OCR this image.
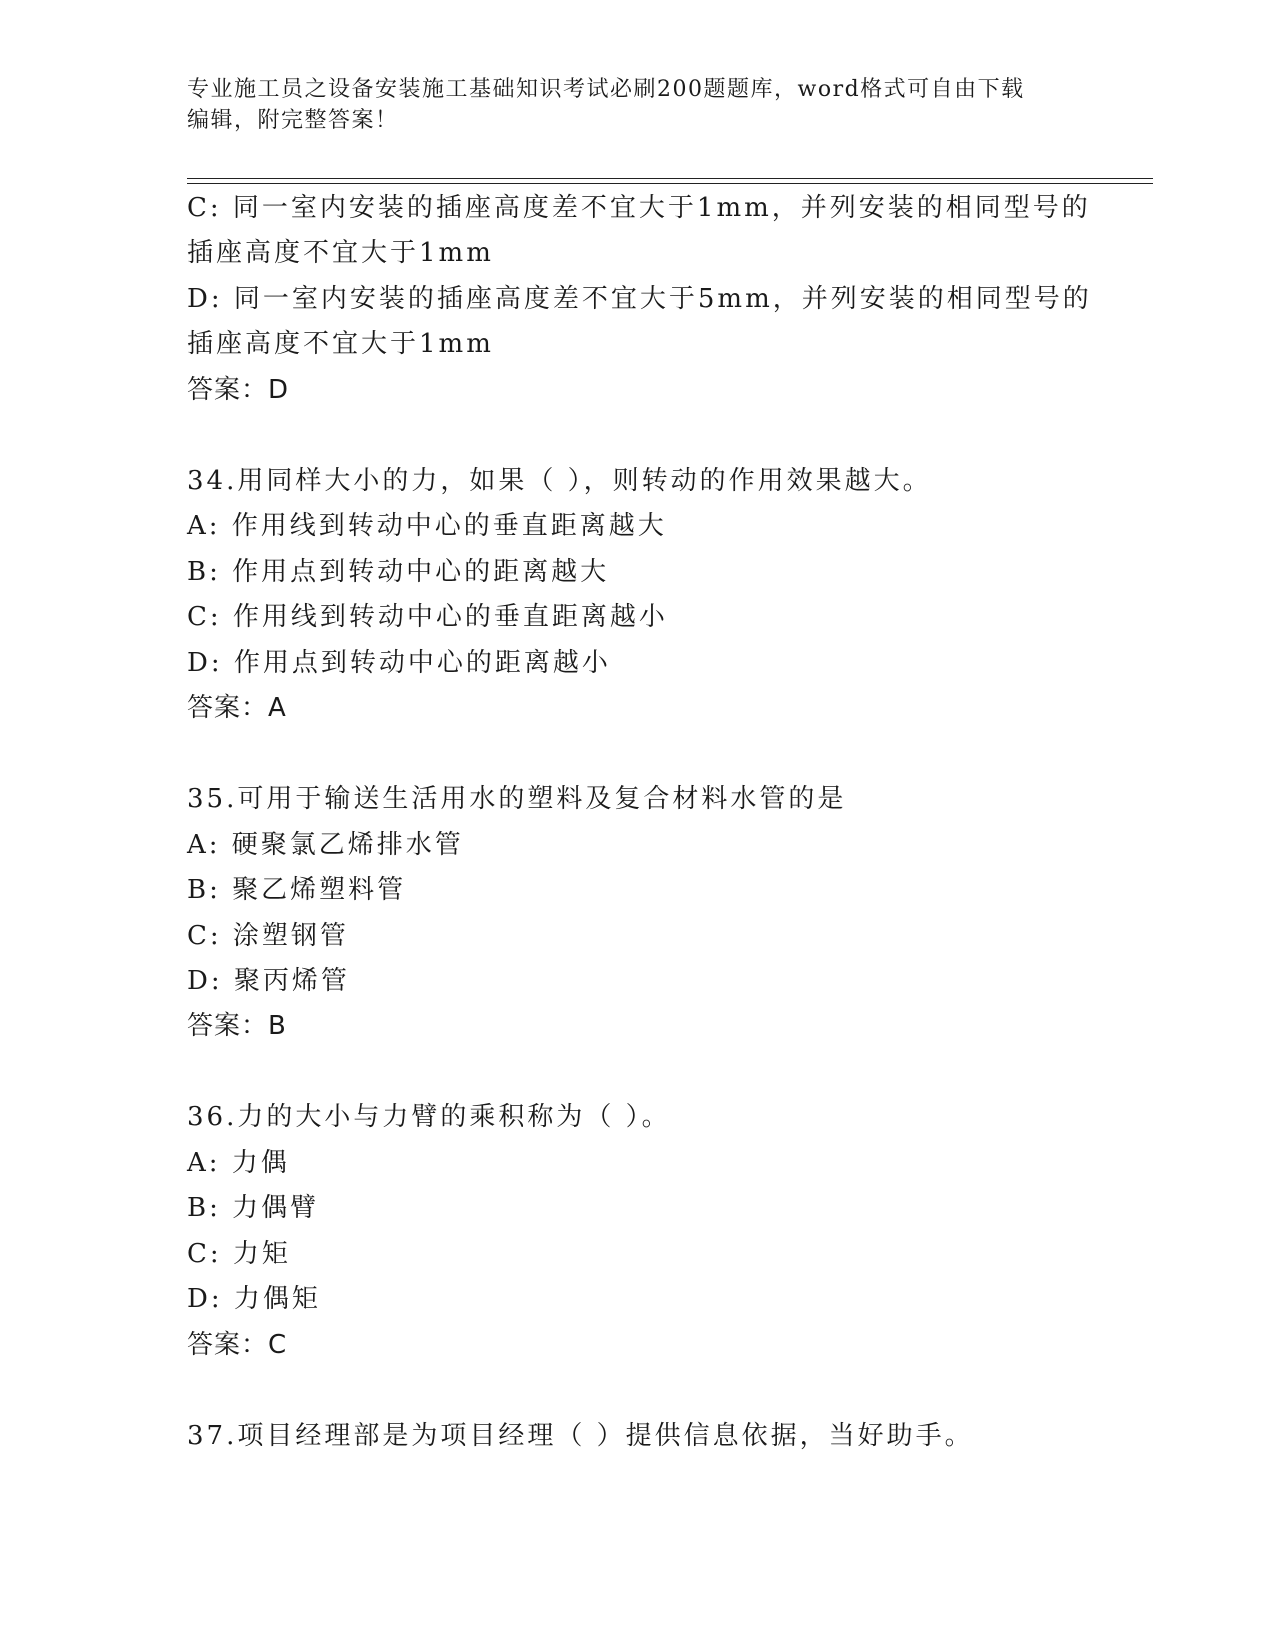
专业施工员之设备安装施工基础知识考试必刷200题题库，word格式可自由下载
编辑，附完整答案！
C: 同一室内安装的插座高度差不宜大于1mm，并列安装的相同型号的
插座高度不宜大于1mm
D: 同一室内安装的插座高度差不宜大于5mm，并列安装的相同型号的
插座高度不宜大于1mm
答案：D
34.用同样大小的力，如果（ ），则转动的作用效果越大。
A: 作用线到转动中心的垂直距离越大
B: 作用点到转动中心的距离越大
C: 作用线到转动中心的垂直距离越小
D: 作用点到转动中心的距离越小
答案：A
35.可用于输送生活用水的塑料及复合材料水管的是
A: 硬聚氯乙烯排水管
B: 聚乙烯塑料管
C: 涂塑钢管
D: 聚丙烯管
答案：B
36.力的大小与力臂的乘积称为（ ）。
A: 力偶
B: 力偶臂
C: 力矩
D: 力偶矩
答案：C
37.项目经理部是为项目经理（ ）提供信息依据，当好助手。
